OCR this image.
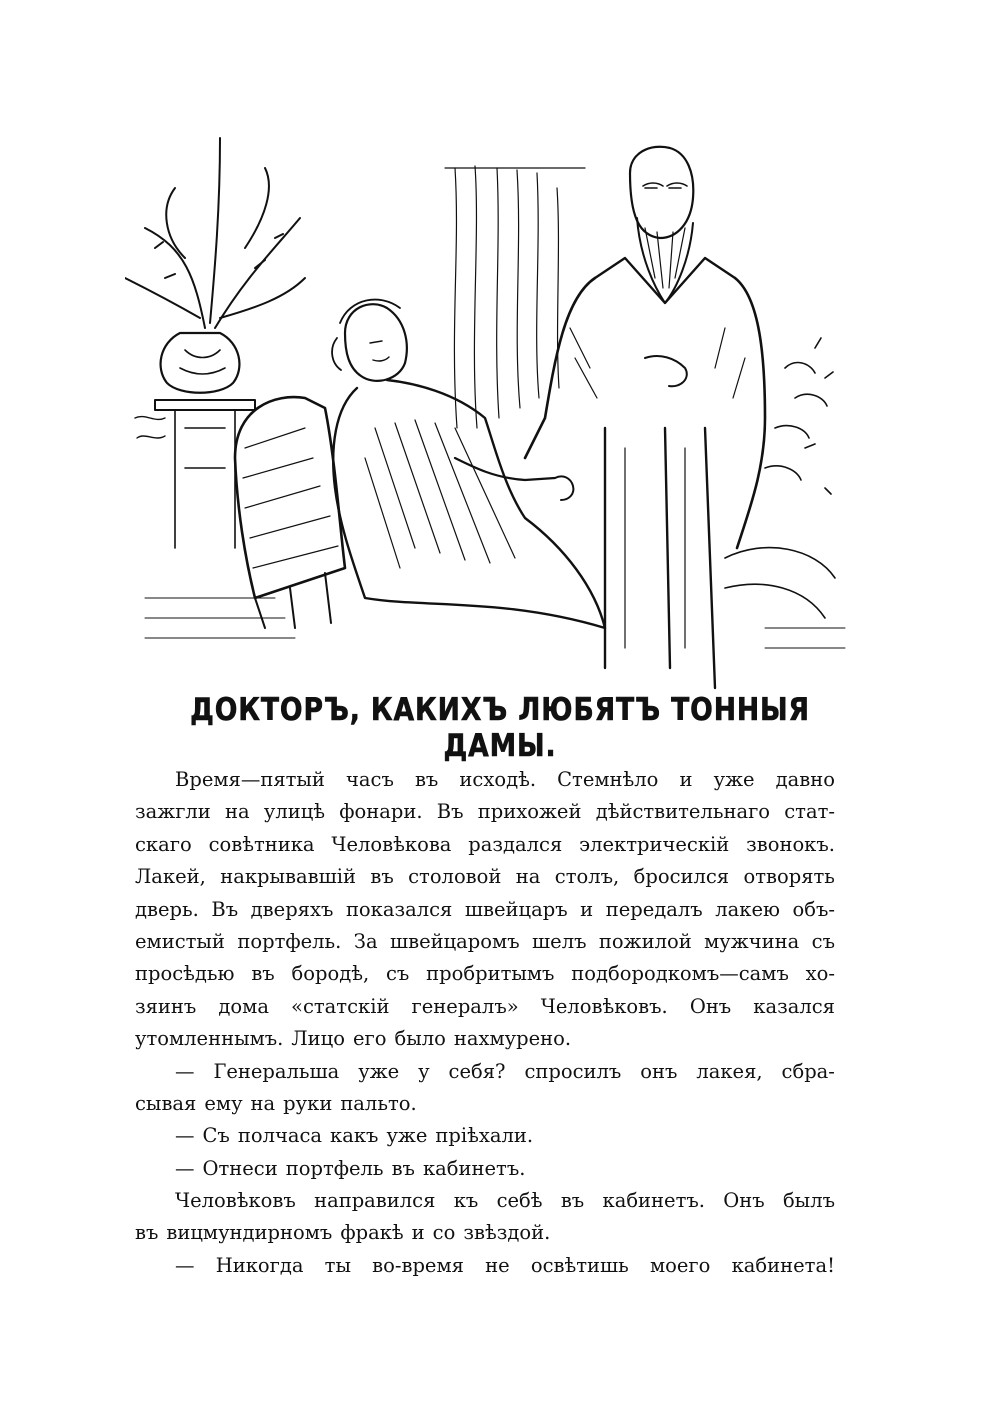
ДОКТОРЪ, КАКИХЪ ЛЮБЯТЪ ТОННЫЯ ДАМЫ.
Время—пятый часъ въ исходѣ. Стемнѣло и уже давно
зажгли на улицѣ фонари. Въ прихожей дѣйствительнаго стат-
скаго совѣтника Человѣкова раздался электрическій звонокъ.
Лакей, накрывавшій въ столовой на столъ, бросился отворять
дверь. Въ дверяхъ показался швейцаръ и передалъ лакею объ-
емистый портфель. За швейцаромъ шелъ пожилой мужчина съ
просѣдью въ бородѣ, съ пробритымъ подбородкомъ—самъ хо-
зяинъ дома «статскій генералъ» Человѣковъ. Онъ казался
утомленнымъ. Лицо его было нахмурено.
— Генеральша уже у себя? спросилъ онъ лакея, сбра-
сывая ему на руки пальто.
— Съ полчаса какъ уже пріѣхали.
— Отнеси портфель въ кабинетъ.
Человѣковъ направился къ себѣ въ кабинетъ. Онъ былъ
въ вицмундирномъ фракѣ и со звѣздой.
— Никогда ты во-время не освѣтишь моего кабинета!
